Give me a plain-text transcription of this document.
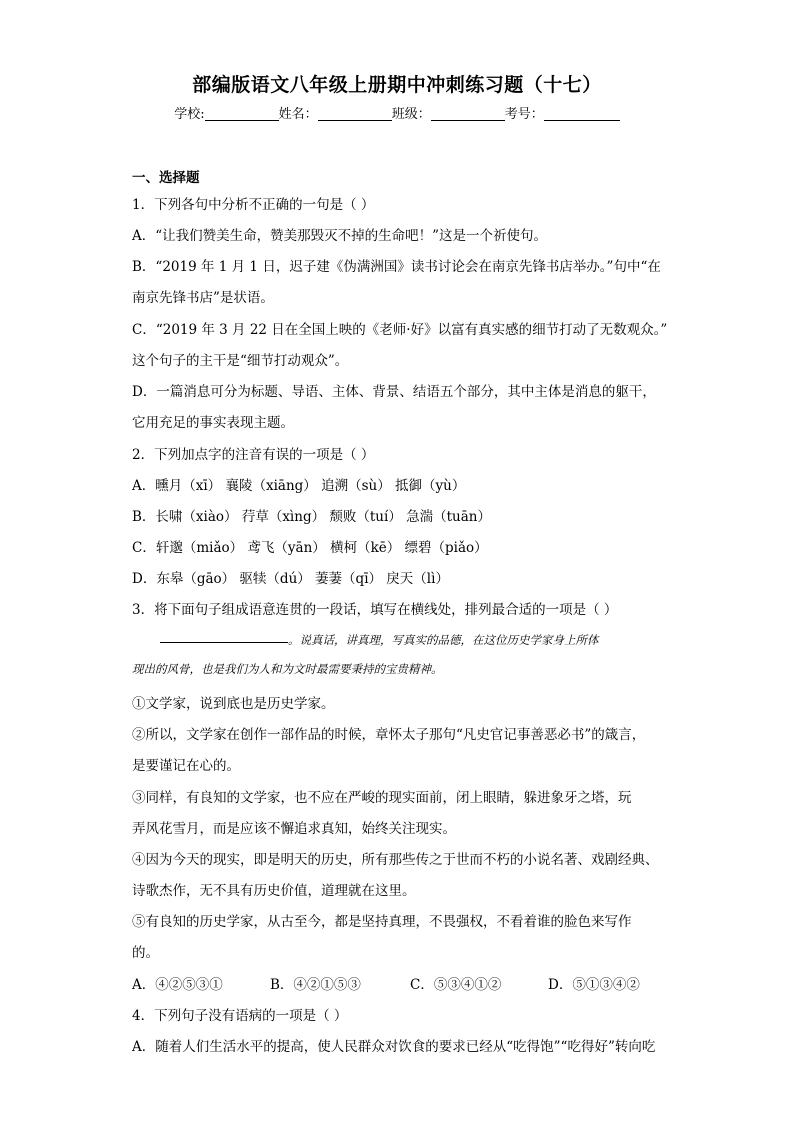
部编版语文八年级上册期中冲刺练习题（十七）
学校:	姓名：	班级：	考号：
一、选择题
1．下列各句中分析不正确的一句是（ ）
A．“让我们赞美生命，赞美那毁灭不掉的生命吧！”这是一个祈使句。
B．“2019 年 1 月 1 日，迟子建《伪满洲国》读书讨论会在南京先锋书店举办。”句中“在
南京先锋书店”是状语。
C．“2019 年 3 月 22 日在全国上映的《老师·好》以富有真实感的细节打动了无数观众。”
这个句子的主干是“细节打动观众”。
D．一篇消息可分为标题、导语、主体、背景、结语五个部分，其中主体是消息的躯干，
它用充足的事实表现主题。
2．下列加点字的注音有误的一项是（ ）
A．曛月（xī） 襄陵（xiāng） 追溯（sù） 抵御（yù）
B．长啸（xiào） 荇草（xìng） 颓败（tuí） 急湍（tuān）
C．轩邈（miǎo） 鸢飞（yān） 横柯（kē） 缥碧（piǎo）
D．东皋（gāo） 驱犊（dú） 萋萋（qī） 戾天（lì）
3．将下面句子组成语意连贯的一段话，填写在横线处，排列最合适的一项是（ ）
。说真话，讲真理，写真实的品德，在这位历史学家身上所体
现出的风骨，也是我们为人和为文时最需要秉持的宝贵精神。
①文学家，说到底也是历史学家。
②所以，文学家在创作一部作品的时候，章怀太子那句“凡史官记事善恶必书”的箴言，
是要谨记在心的。
③同样，有良知的文学家，也不应在严峻的现实面前，闭上眼睛，躲进象牙之塔，玩
弄风花雪月，而是应该不懈追求真知，始终关注现实。
④因为今天的现实，即是明天的历史，所有那些传之于世而不朽的小说名著、戏剧经典、
诗歌杰作，无不具有历史价值，道理就在这里。
⑤有良知的历史学家，从古至今，都是坚持真理，不畏强权，不看着谁的脸色来写作
的。
A．④②⑤③①	B．④②①⑤③	C．⑤③④①②	D．⑤①③④②
4．下列句子没有语病的一项是（ ）
A．随着人们生活水平的提高，使人民群众对饮食的要求已经从“吃得饱”“吃得好”转向吃
